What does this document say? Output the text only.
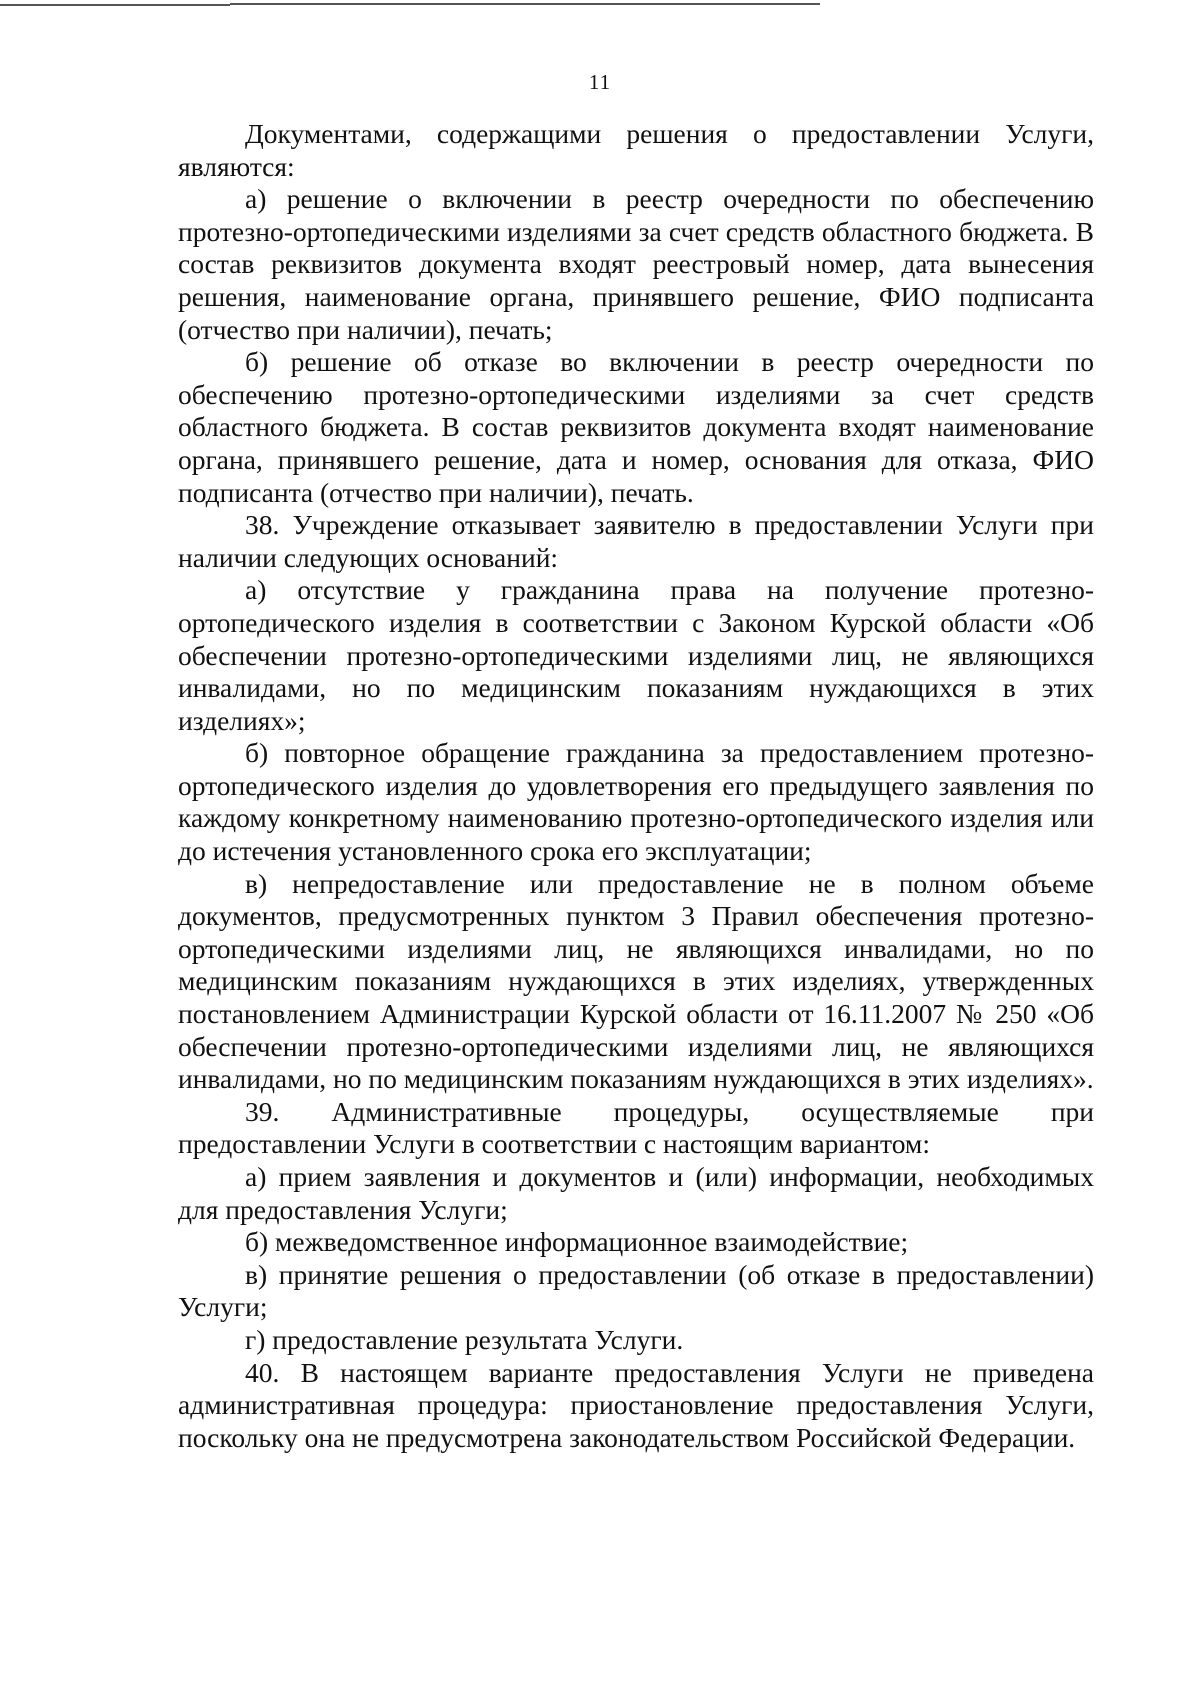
11

Документами, содержащими решения о предоставлении Услуги, являются:

а) решение о включении в реестр очередности по обеспечению протезно-ортопедическими изделиями за счет средств областного бюджета. В состав реквизитов документа входят реестровый номер, дата вынесения решения, наименование органа, принявшего решение, ФИО подписанта (отчество при наличии), печать;

б) решение об отказе во включении в реестр очередности по обеспечению протезно-ортопедическими изделиями за счет средств областного бюджета. В состав реквизитов документа входят наименование органа, принявшего решение, дата и номер, основания для отказа, ФИО подписанта (отчество при наличии), печать.

38. Учреждение отказывает заявителю в предоставлении Услуги при наличии следующих оснований:

а) отсутствие у гражданина права на получение протезно-ортопедического изделия в соответствии с Законом Курской области «Об обеспечении протезно-ортопедическими изделиями лиц, не являющихся инвалидами, но по медицинским показаниям нуждающихся в этих изделиях»;

б) повторное обращение гражданина за предоставлением протезно-ортопедического изделия до удовлетворения его предыдущего заявления по каждому конкретному наименованию протезно-ортопедического изделия или до истечения установленного срока его эксплуатации;

в) непредоставление или предоставление не в полном объеме документов, предусмотренных пунктом 3 Правил обеспечения протезно-ортопедическими изделиями лиц, не являющихся инвалидами, но по медицинским показаниям нуждающихся в этих изделиях, утвержденных постановлением Администрации Курской области от 16.11.2007 № 250 «Об обеспечении протезно-ортопедическими изделиями лиц, не являющихся инвалидами, но по медицинским показаниям нуждающихся в этих изделиях».

39. Административные процедуры, осуществляемые при предоставлении Услуги в соответствии с настоящим вариантом:

а) прием заявления и документов и (или) информации, необходимых для предоставления Услуги;

б) межведомственное информационное взаимодействие;

в) принятие решения о предоставлении (об отказе в предоставлении) Услуги;

г) предоставление результата Услуги.

40. В настоящем варианте предоставления Услуги не приведена административная процедура: приостановление предоставления Услуги, поскольку она не предусмотрена законодательством Российской Федерации.
